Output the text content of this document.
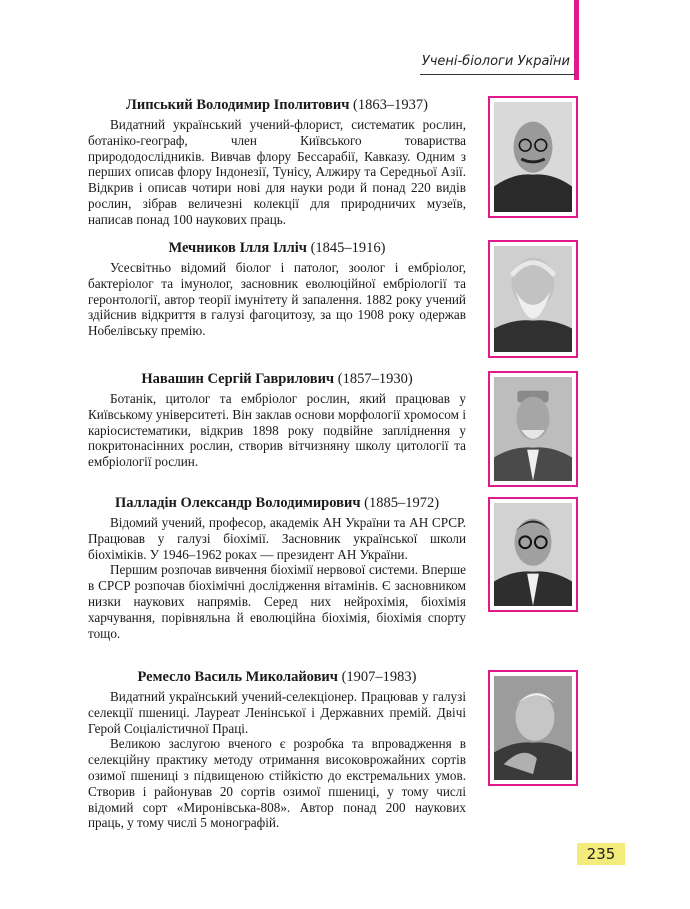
Учені-біологи України
Липський Володимир Іполитович (1863–1937)

Видатний український учений-флорист, систематик рослин, ботаніко-географ, член Київського товариства природодослідників. Вивчав флору Бессарабії, Кавказу. Одним з перших описав флору Індонезії, Тунісу, Алжиру та Середньої Азії. Відкрив і описав чотири нові для науки роди й понад 220 видів рослин, зібрав величезні колекції для природничих музеїв, написав понад 100 наукових праць.

Мечников Ілля Ілліч (1845–1916)

Усесвітньо відомий біолог і патолог, зоолог і ембріолог, бактеріолог та імунолог, засновник еволюційної ембріології та геронтології, автор теорії імунітету й запалення. 1882 року учений здійснив відкриття в галузі фагоцитозу, за що 1908 року одержав Нобелівську премію.

Навашин Сергій Гаврилович (1857–1930)

Ботанік, цитолог та ембріолог рослин, який працював у Київському університеті. Він заклав основи морфології хромосом і каріосистематики, відкрив 1898 року подвійне запліднення у покритонасінних рослин, створив вітчизняну школу цитології та ембріології рослин.

Палладін Олександр Володимирович (1885–1972)

Відомий учений, професор, академік АН України та АН СРСР. Працював у галузі біохімії. Засновник української школи біохіміків. У 1946–1962 роках — президент АН України.

Першим розпочав вивчення біохімії нервової системи. Вперше в СРСР розпочав біохімічні дослідження вітамінів. Є засновником низки наукових напрямів. Серед них нейрохімія, біохімія харчування, порівняльна й еволюційна біохімія, біохімія спорту тощо.

Ремесло Василь Миколайович (1907–1983)

Видатний український учений-селекціонер. Працював у галузі селекції пшениці. Лауреат Ленінської і Державних премій. Двічі Герой Соціалістичної Праці.

Великою заслугою вченого є розробка та впровадження в селекційну практику методу отримання високоврожайних сортів озимої пшениці з підвищеною стійкістю до екстремальних умов. Створив і районував 20 сортів озимої пшениці, у тому числі відомий сорт «Миронівська-808». Автор понад 200 наукових праць, у тому числі 5 монографій.

235
